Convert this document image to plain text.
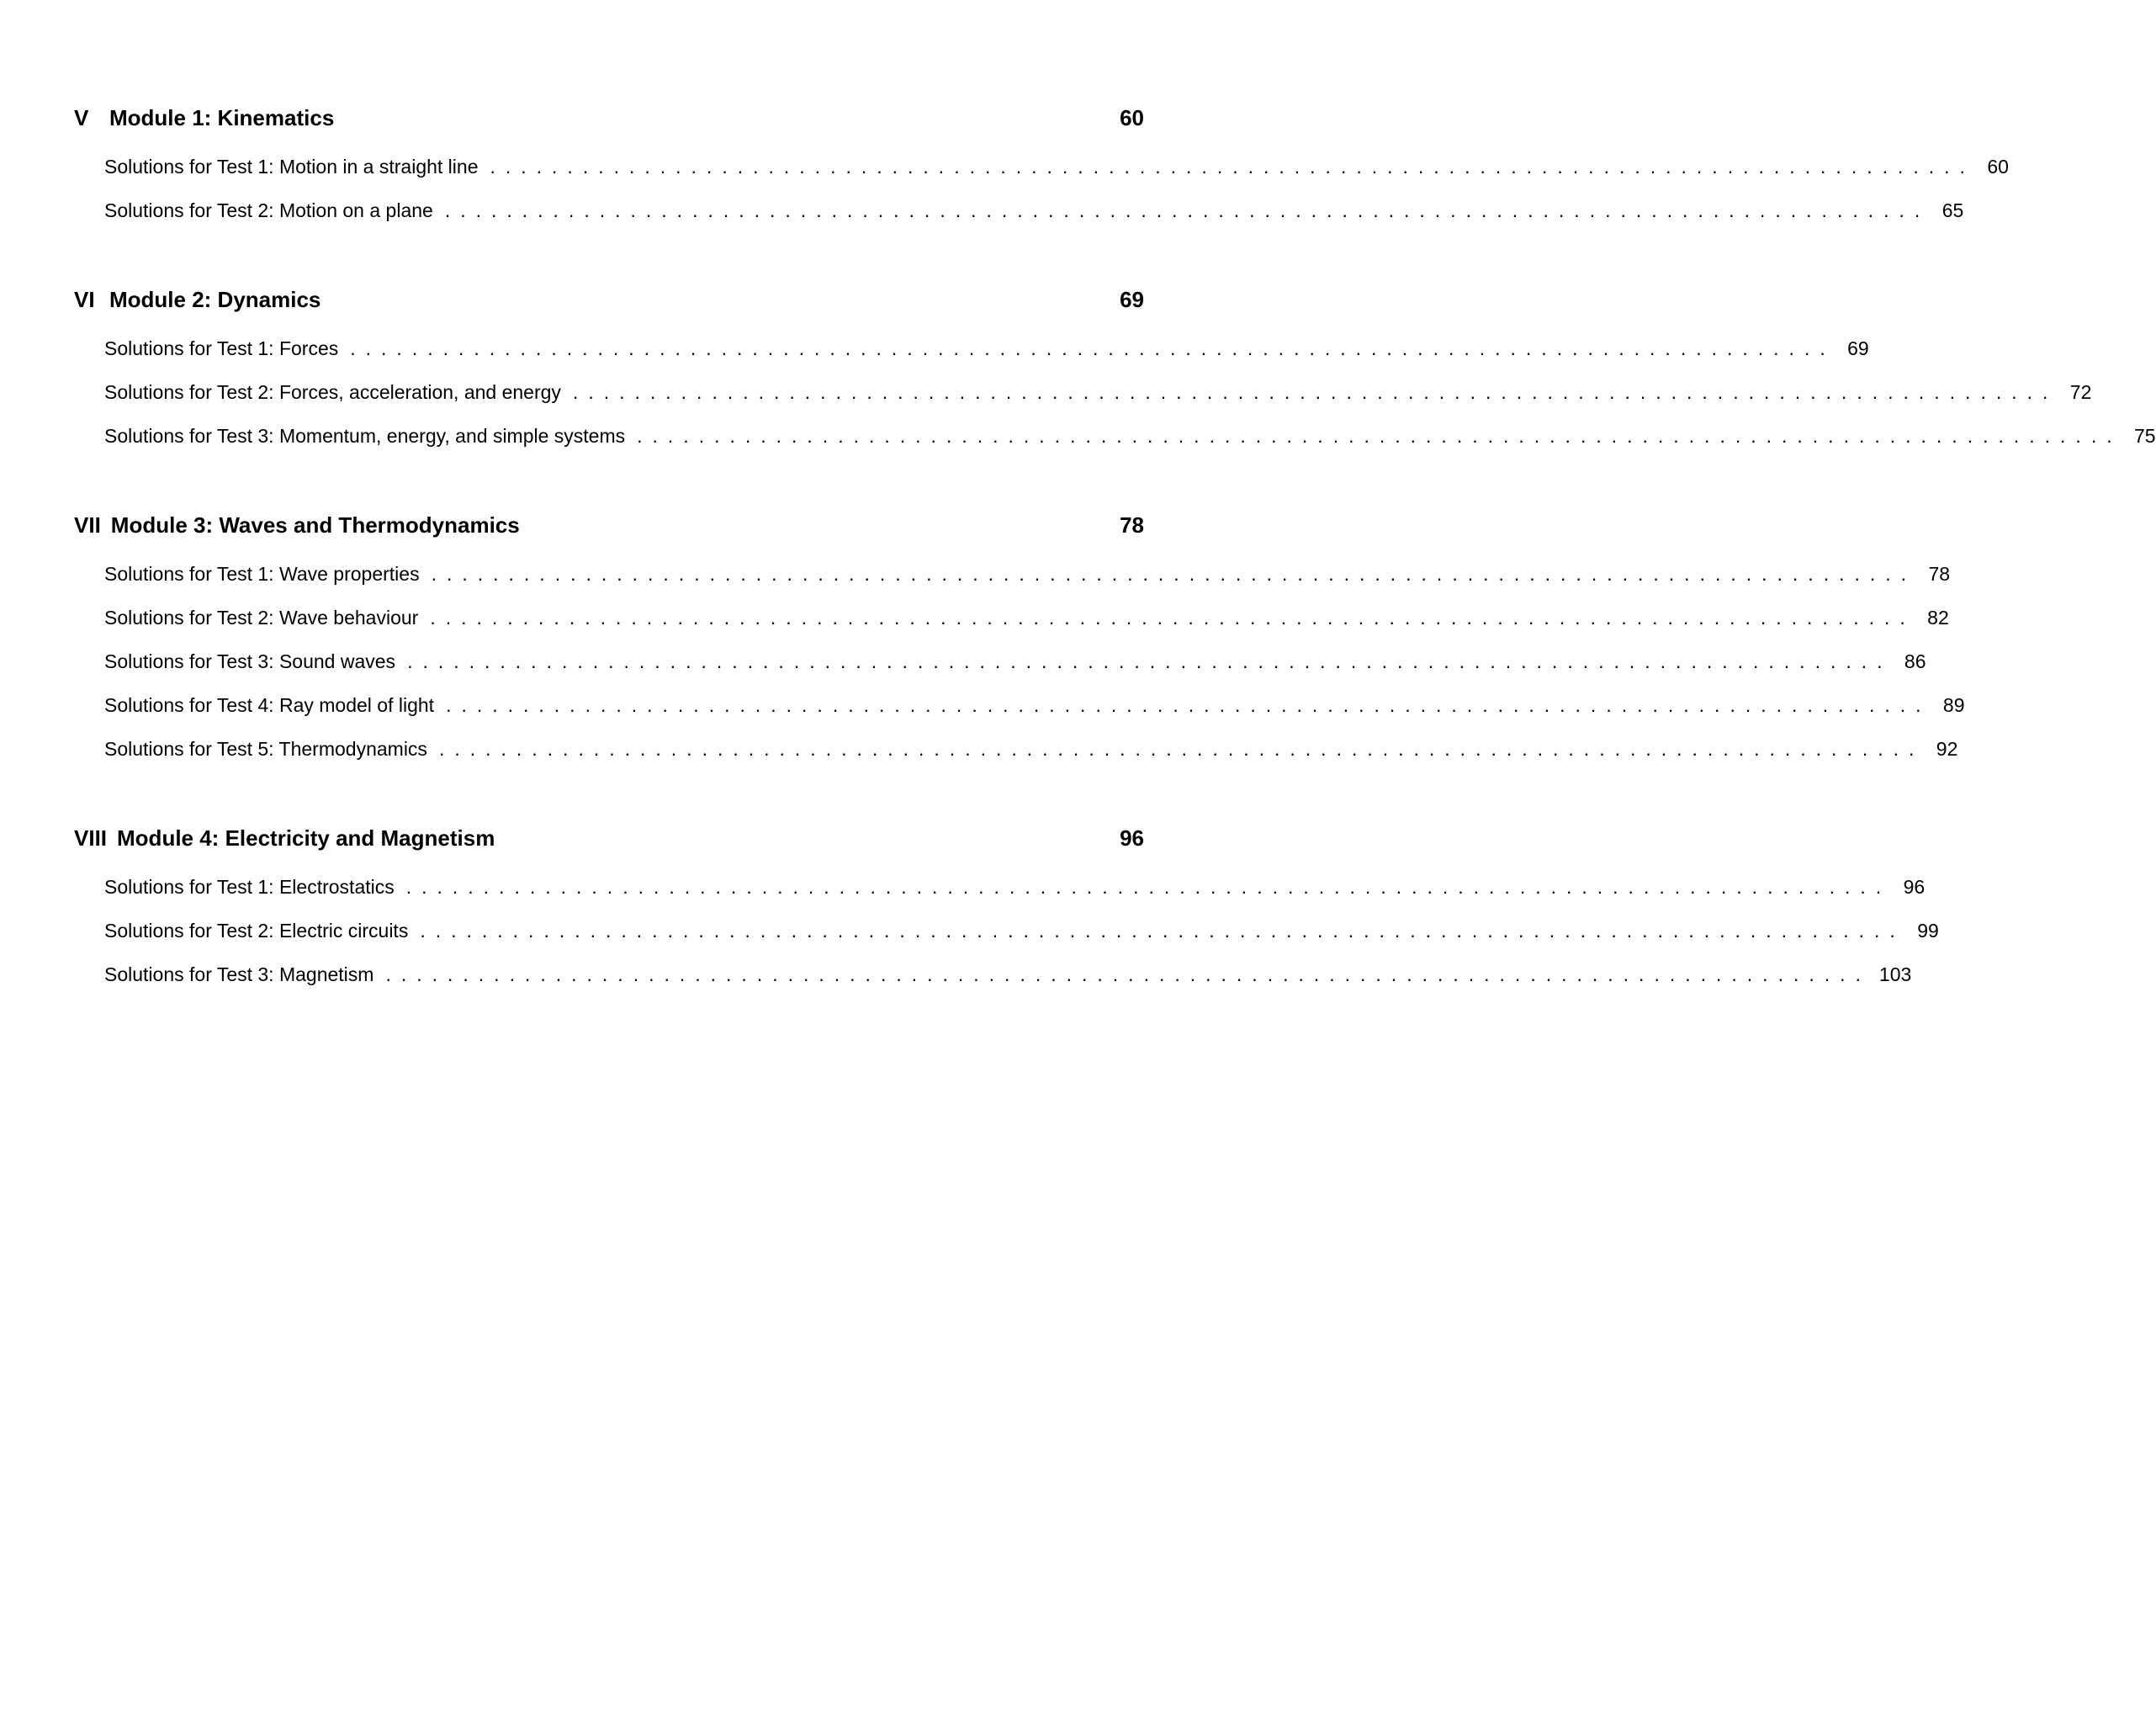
V Module 1: Kinematics	60
Solutions for Test 1: Motion in a straight line ................................................................................................ 60
Solutions for Test 2: Motion on a plane ................................................................................................ 65
VI Module 2: Dynamics	69
Solutions for Test 1: Forces ................................................................................................ 69
Solutions for Test 2: Forces, acceleration, and energy ................................................................................................ 72
Solutions for Test 3: Momentum, energy, and simple systems ................................................................................................ 75
VII Module 3: Waves and Thermodynamics	78
Solutions for Test 1: Wave properties ................................................................................................ 78
Solutions for Test 2: Wave behaviour ................................................................................................ 82
Solutions for Test 3: Sound waves ................................................................................................ 86
Solutions for Test 4: Ray model of light ................................................................................................ 89
Solutions for Test 5: Thermodynamics ................................................................................................ 92
VIII Module 4: Electricity and Magnetism	96
Solutions for Test 1: Electrostatics ................................................................................................ 96
Solutions for Test 2: Electric circuits ................................................................................................ 99
Solutions for Test 3: Magnetism ................................................................................................ 103
